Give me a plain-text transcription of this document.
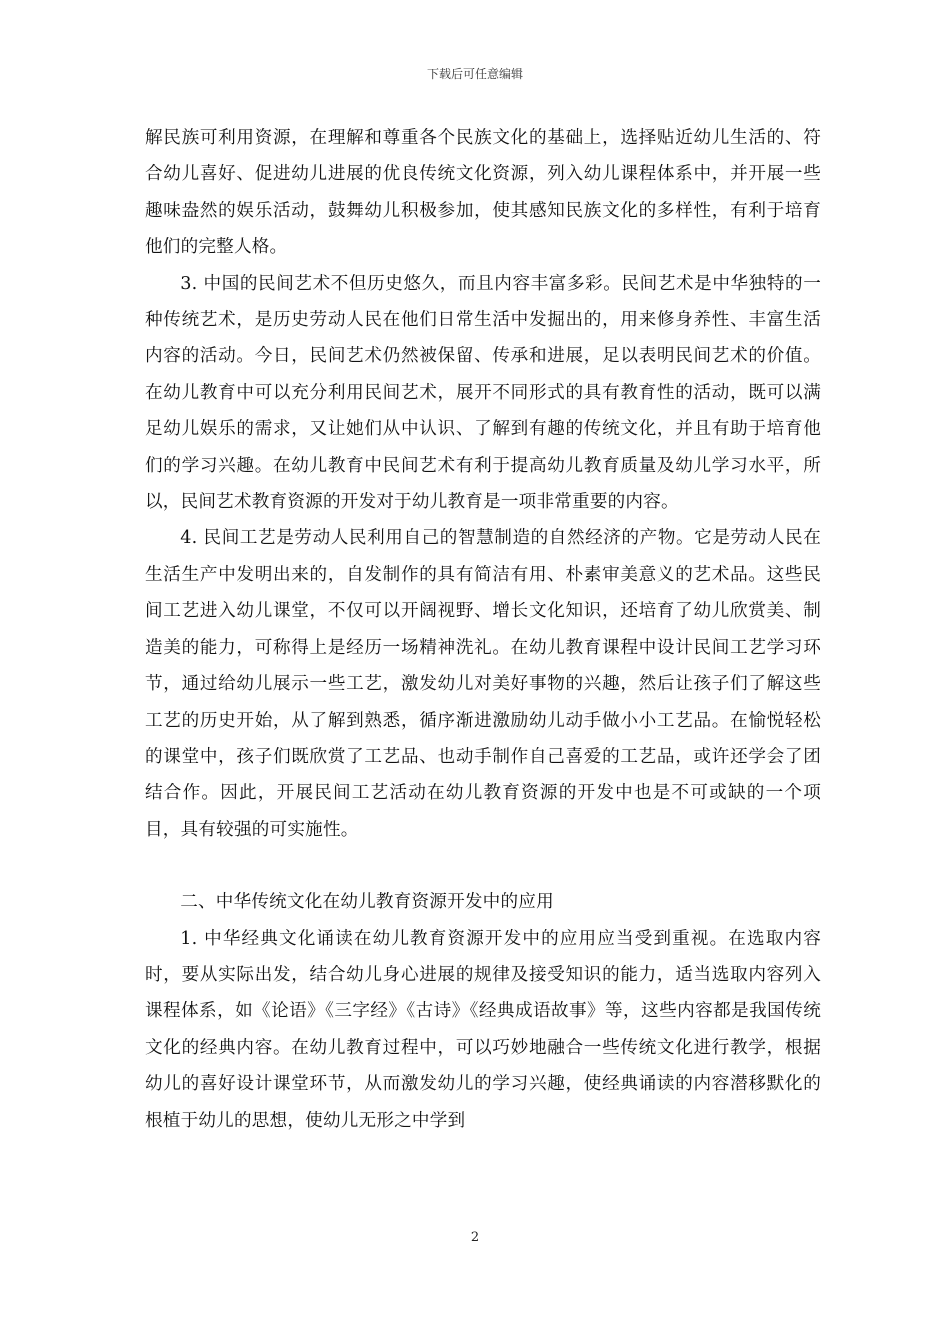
下载后可任意编辑

解民族可利用资源，在理解和尊重各个民族文化的基础上，选择贴近幼儿生活的、符合幼儿喜好、促进幼儿进展的优良传统文化资源，列入幼儿课程体系中，并开展一些趣味盎然的娱乐活动，鼓舞幼儿积极参加，使其感知民族文化的多样性，有利于培育他们的完整人格。

3. 中国的民间艺术不但历史悠久，而且内容丰富多彩。民间艺术是中华独特的一种传统艺术，是历史劳动人民在他们日常生活中发掘出的，用来修身养性、丰富生活内容的活动。今日，民间艺术仍然被保留、传承和进展，足以表明民间艺术的价值。在幼儿教育中可以充分利用民间艺术，展开不同形式的具有教育性的活动，既可以满足幼儿娱乐的需求，又让她们从中认识、了解到有趣的传统文化，并且有助于培育他们的学习兴趣。在幼儿教育中民间艺术有利于提高幼儿教育质量及幼儿学习水平，所以，民间艺术教育资源的开发对于幼儿教育是一项非常重要的内容。

4. 民间工艺是劳动人民利用自己的智慧制造的自然经济的产物。它是劳动人民在生活生产中发明出来的，自发制作的具有简洁有用、朴素审美意义的艺术品。这些民间工艺进入幼儿课堂，不仅可以开阔视野、增长文化知识，还培育了幼儿欣赏美、制造美的能力，可称得上是经历一场精神洗礼。在幼儿教育课程中设计民间工艺学习环节，通过给幼儿展示一些工艺，激发幼儿对美好事物的兴趣，然后让孩子们了解这些工艺的历史开始，从了解到熟悉，循序渐进激励幼儿动手做小小工艺品。在愉悦轻松的课堂中，孩子们既欣赏了工艺品、也动手制作自己喜爱的工艺品，或许还学会了团结合作。因此，开展民间工艺活动在幼儿教育资源的开发中也是不可或缺的一个项目，具有较强的可实施性。

二、中华传统文化在幼儿教育资源开发中的应用

1. 中华经典文化诵读在幼儿教育资源开发中的应用应当受到重视。在选取内容时，要从实际出发，结合幼儿身心进展的规律及接受知识的能力，适当选取内容列入课程体系，如《论语》《三字经》《古诗》《经典成语故事》等，这些内容都是我国传统文化的经典内容。在幼儿教育过程中，可以巧妙地融合一些传统文化进行教学，根据幼儿的喜好设计课堂环节，从而激发幼儿的学习兴趣，使经典诵读的内容潜移默化的根植于幼儿的思想，使幼儿无形之中学到

2
